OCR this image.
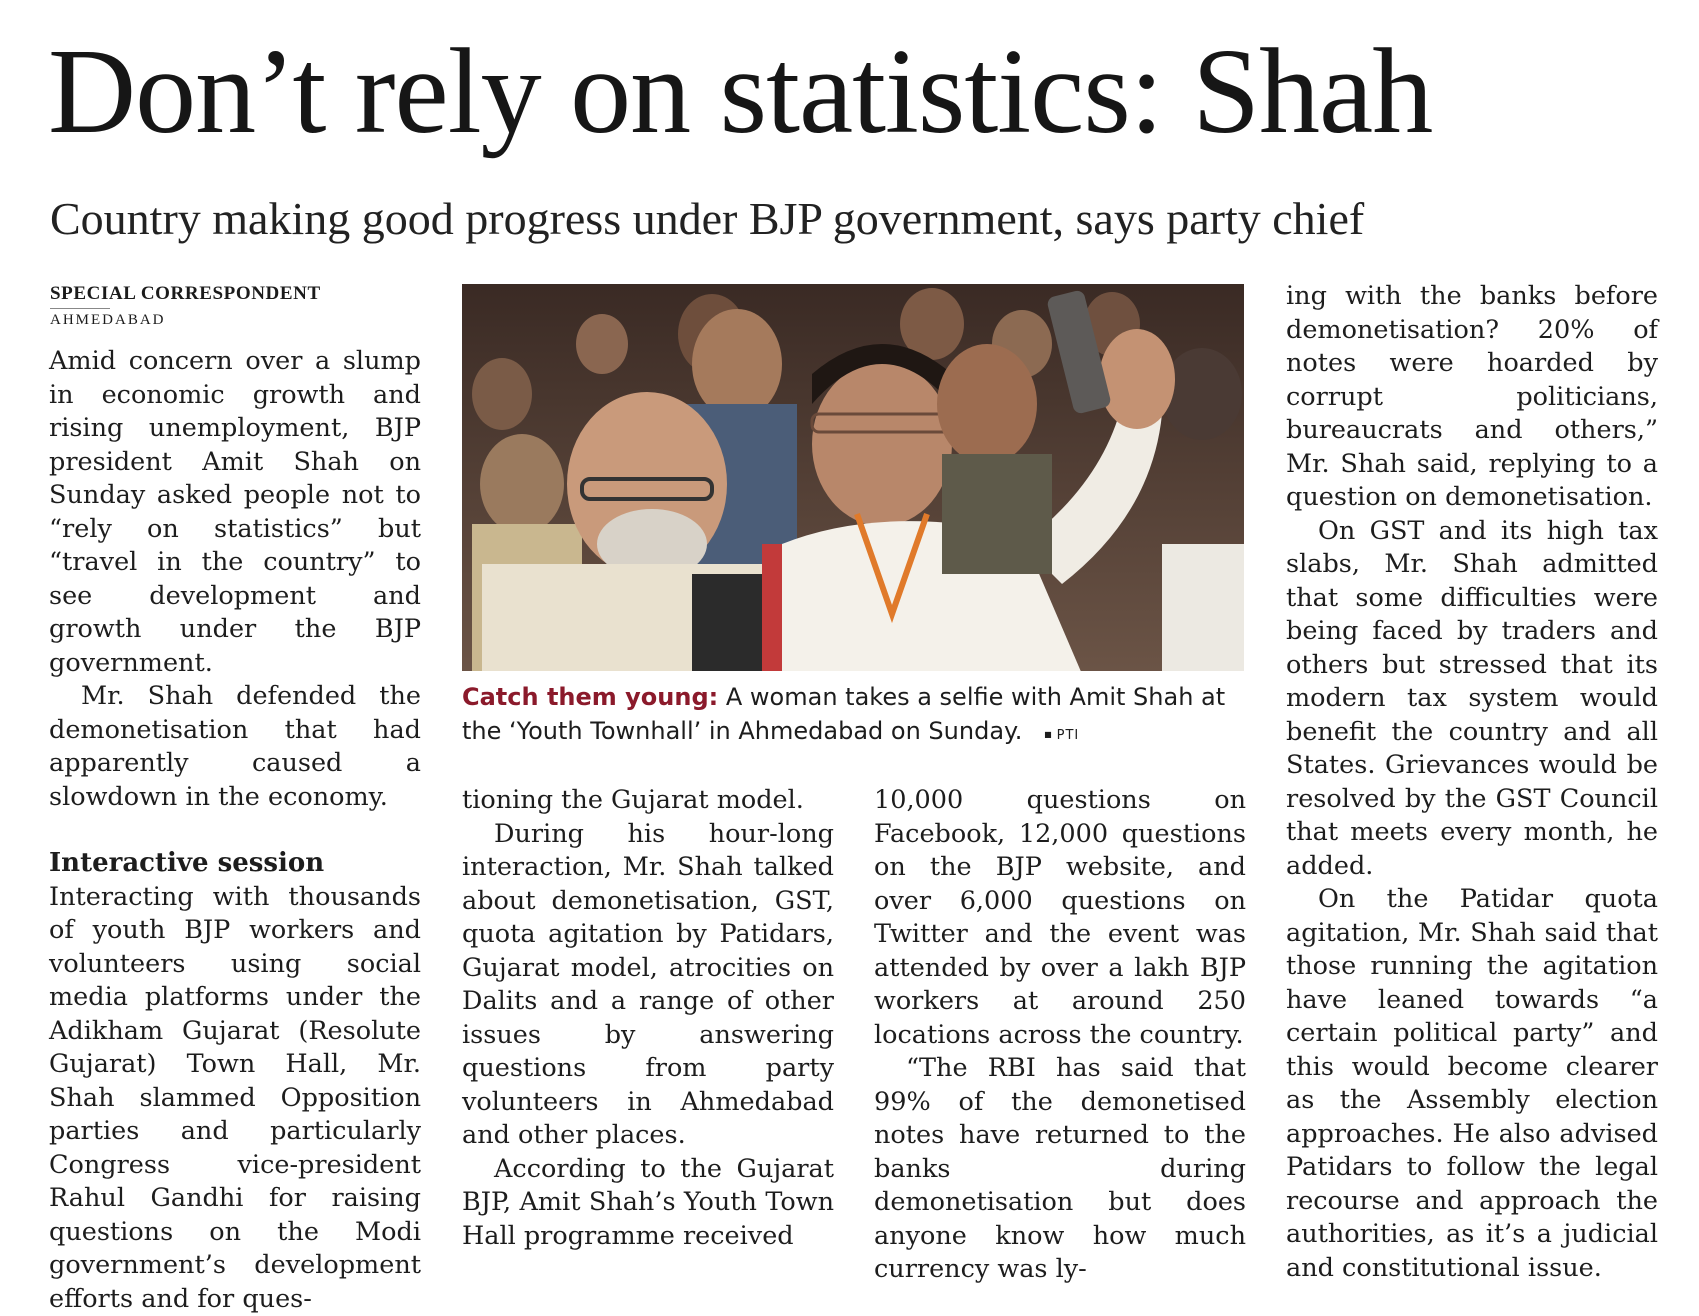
Don’t rely on statistics: Shah
Country making good progress under BJP government, says party chief
SPECIAL CORRESPONDENT
AHMEDABAD

Amid concern over a slump in economic growth and rising unemployment, BJP president Amit Shah on Sunday asked people not to “rely on statistics” but “travel in the country” to see development and growth under the BJP government.

Mr. Shah defended the demonetisation that had apparently caused a slowdown in the economy.

Interactive session

Interacting with thousands of youth BJP workers and volunteers using social media platforms under the Adikham Gujarat (Resolute Gujarat) Town Hall, Mr. Shah slammed Opposition parties and particularly Congress vice-president Rahul Gandhi for raising questions on the Modi government’s development efforts and for ques-

Catch them young: A woman takes a selfie with Amit Shah at the ‘Youth Townhall’ in Ahmedabad on Sunday. ■	PTI

tioning the Gujarat model.

During his hour-long interaction, Mr. Shah talked about demonetisation, GST, quota agitation by Patidars, Gujarat model, atrocities on Dalits and a range of other issues by answering questions from party volunteers in Ahmedabad and other places.

According to the Gujarat BJP, Amit Shah’s Youth Town Hall programme received

10,000 questions on Facebook, 12,000 questions on the BJP website, and over 6,000 questions on Twitter and the event was attended by over a lakh BJP workers at around 250 locations across the country.

“The RBI has said that 99% of the demonetised notes have returned to the banks during demonetisation but does anyone know how much currency was ly-

ing with the banks before demonetisation? 20% of notes were hoarded by corrupt politicians, bureaucrats and others,” Mr. Shah said, replying to a question on demonetisation.

On GST and its high tax slabs, Mr. Shah admitted that some difficulties were being faced by traders and others but stressed that its modern tax system would benefit the country and all States. Grievances would be resolved by the GST Council that meets every month, he added.

On the Patidar quota agitation, Mr. Shah said that those running the agitation have leaned towards “a certain political party” and this would become clearer as the Assembly election approaches. He also advised Patidars to follow the legal recourse and approach the authorities, as it’s a judicial and constitutional issue.
